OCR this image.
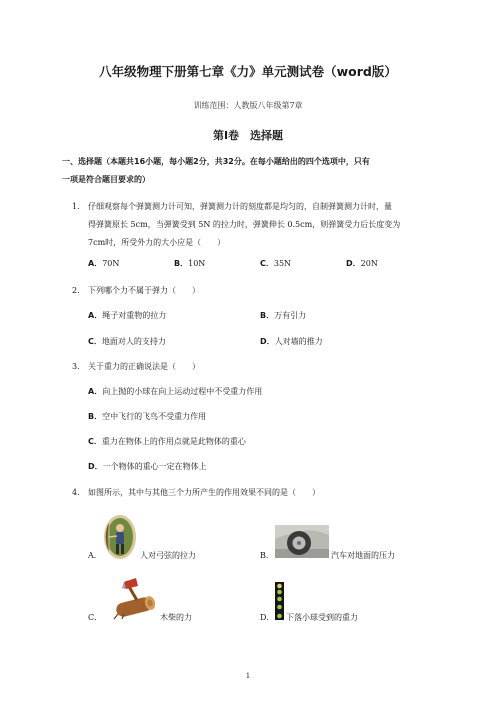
八年级物理下册第七章《力》单元测试卷（word版）
训练范围：人教版八年级第7章
第Ⅰ卷　选择题
一、选择题（本题共16小题，每小题2分，共32分。在每小题给出的四个选项中，只有
一项是符合题目要求的）
1. 仔细观察每个弹簧测力计可知，弹簧测力计的刻度都是均匀的，自制弹簧测力计时，量
得弹簧原长 5cm，当弹簧受到 5N 的拉力时，弹簧伸长 0.5cm，则弹簧受力后长度变为
7cm时，所受外力的大小应是（　　）
A．70N	B．10N	C．35N	D．20N
2. 下列哪个力不属于弹力（　　）
A．绳子对重物的拉力	B．万有引力
C．地面对人的支持力	D．人对墙的推力
3. 关于重力的正确说法是（　　）
A．向上抛的小球在向上运动过程中不受重力作用
B．空中飞行的飞鸟不受重力作用
C．重力在物体上的作用点就是此物体的重心
D．一个物体的重心一定在物体上
4. 如图所示，其中与其他三个力所产生的作用效果不同的是（　　）
A．	人对弓弦的拉力	B．	汽车对地面的压力
C．	木柴的力	D． 下落小球受到的重力
1
